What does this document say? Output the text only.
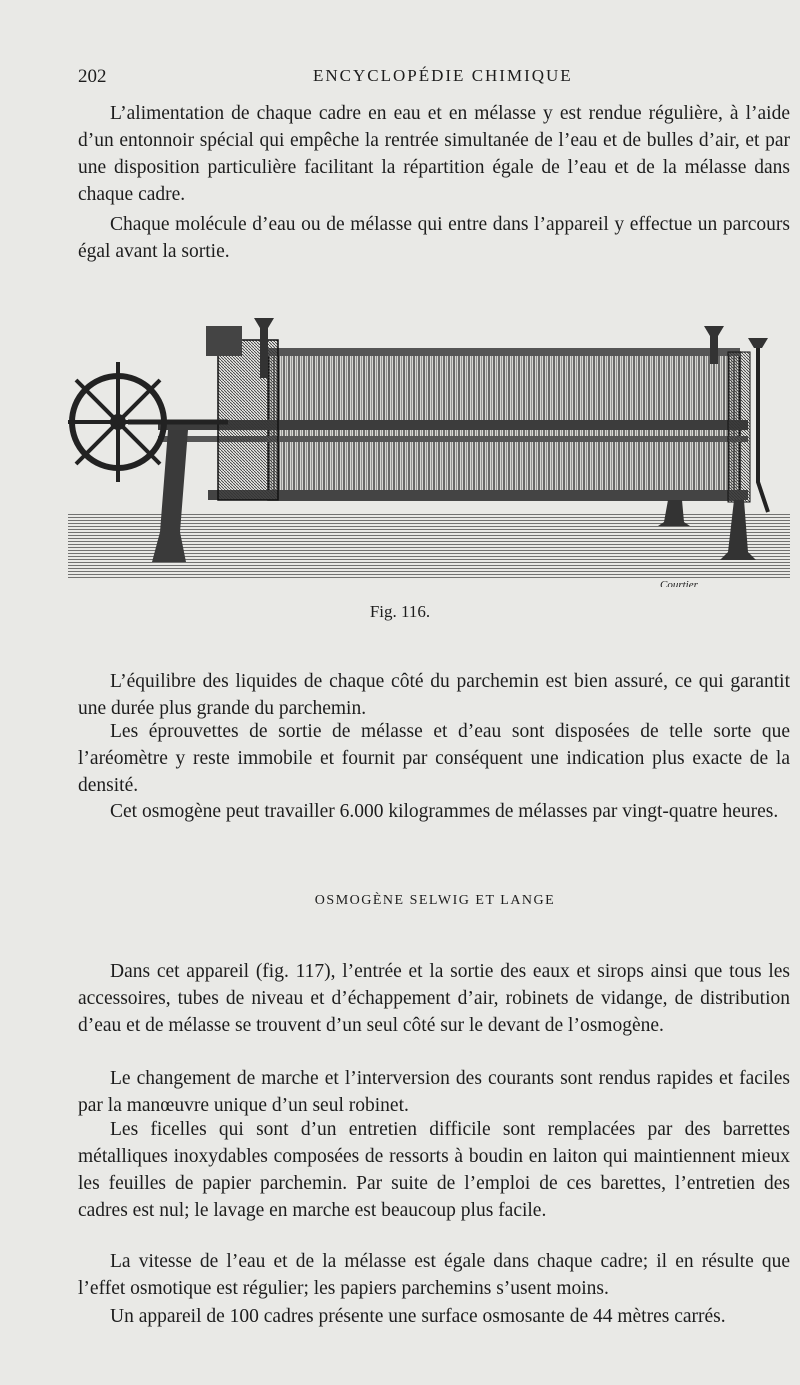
202	ENCYCLOPÉDIE CHIMIQUE

L’alimentation de chaque cadre en eau et en mélasse y est rendue régulière, à l’aide d’un entonnoir spécial qui empêche la rentrée simultanée de l’eau et de bulles d’air, et par une disposition particulière facilitant la répartition égale de l’eau et de la mélasse dans chaque cadre.

Chaque molécule d’eau ou de mélasse qui entre dans l’appareil y effectue un parcours égal avant la sortie.

Courtier
Fig. 116.

L’équilibre des liquides de chaque côté du parchemin est bien assuré, ce qui garantit une durée plus grande du parchemin.

Les éprouvettes de sortie de mélasse et d’eau sont disposées de telle sorte que l’aréomètre y reste immobile et fournit par conséquent une indication plus exacte de la densité.

Cet osmogène peut travailler 6.000 kilogrammes de mélasses par vingt-quatre heures.

OSMOGÈNE SELWIG ET LANGE

Dans cet appareil (fig. 117), l’entrée et la sortie des eaux et sirops ainsi que tous les accessoires, tubes de niveau et d’échappement d’air, robinets de vidange, de distribution d’eau et de mélasse se trouvent d’un seul côté sur le devant de l’osmogène.

Le changement de marche et l’interversion des courants sont rendus rapides et faciles par la manœuvre unique d’un seul robinet.

Les ficelles qui sont d’un entretien difficile sont remplacées par des barrettes métalliques inoxydables composées de ressorts à boudin en laiton qui maintiennent mieux les feuilles de papier parchemin. Par suite de l’emploi de ces barettes, l’entretien des cadres est nul; le lavage en marche est beaucoup plus facile.

La vitesse de l’eau et de la mélasse est égale dans chaque cadre; il en résulte que l’effet osmotique est régulier; les papiers parchemins s’usent moins.

Un appareil de 100 cadres présente une surface osmosante de 44 mètres carrés.
